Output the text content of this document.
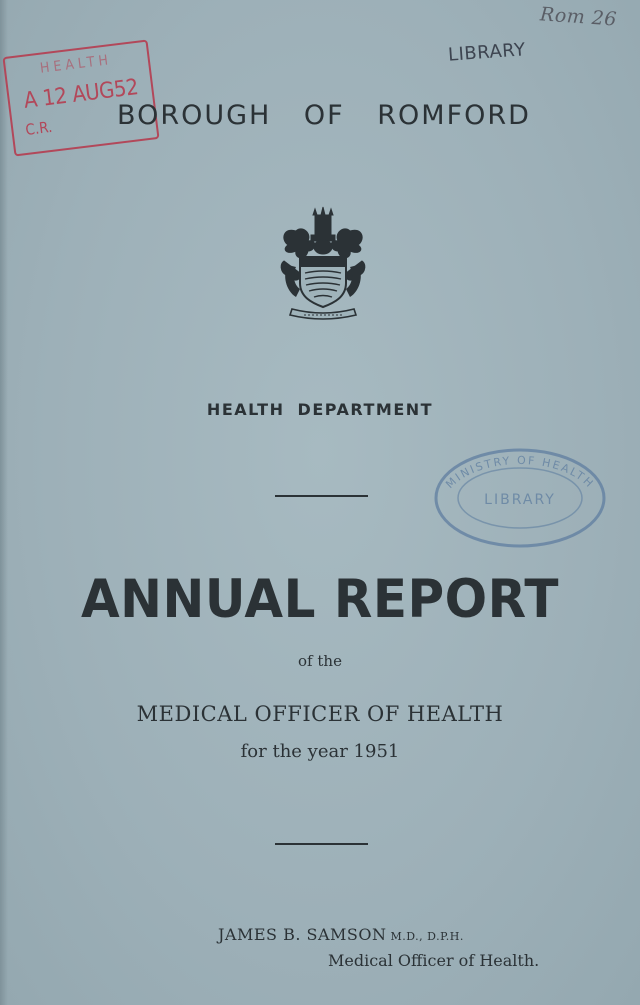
Rom 26
LIBRARY
HEALTH
A 12 AUG52
C.R.	BOROUGH OF ROMFORD
HEALTH DEPARTMENT
MINISTRY OF HEALTH
LIBRARY
ANNUAL REPORT
of the
MEDICAL OFFICER OF HEALTH
for the year 1951
JAMES B. SAMSON M.D., D.P.H.
Medical Officer of Health.
